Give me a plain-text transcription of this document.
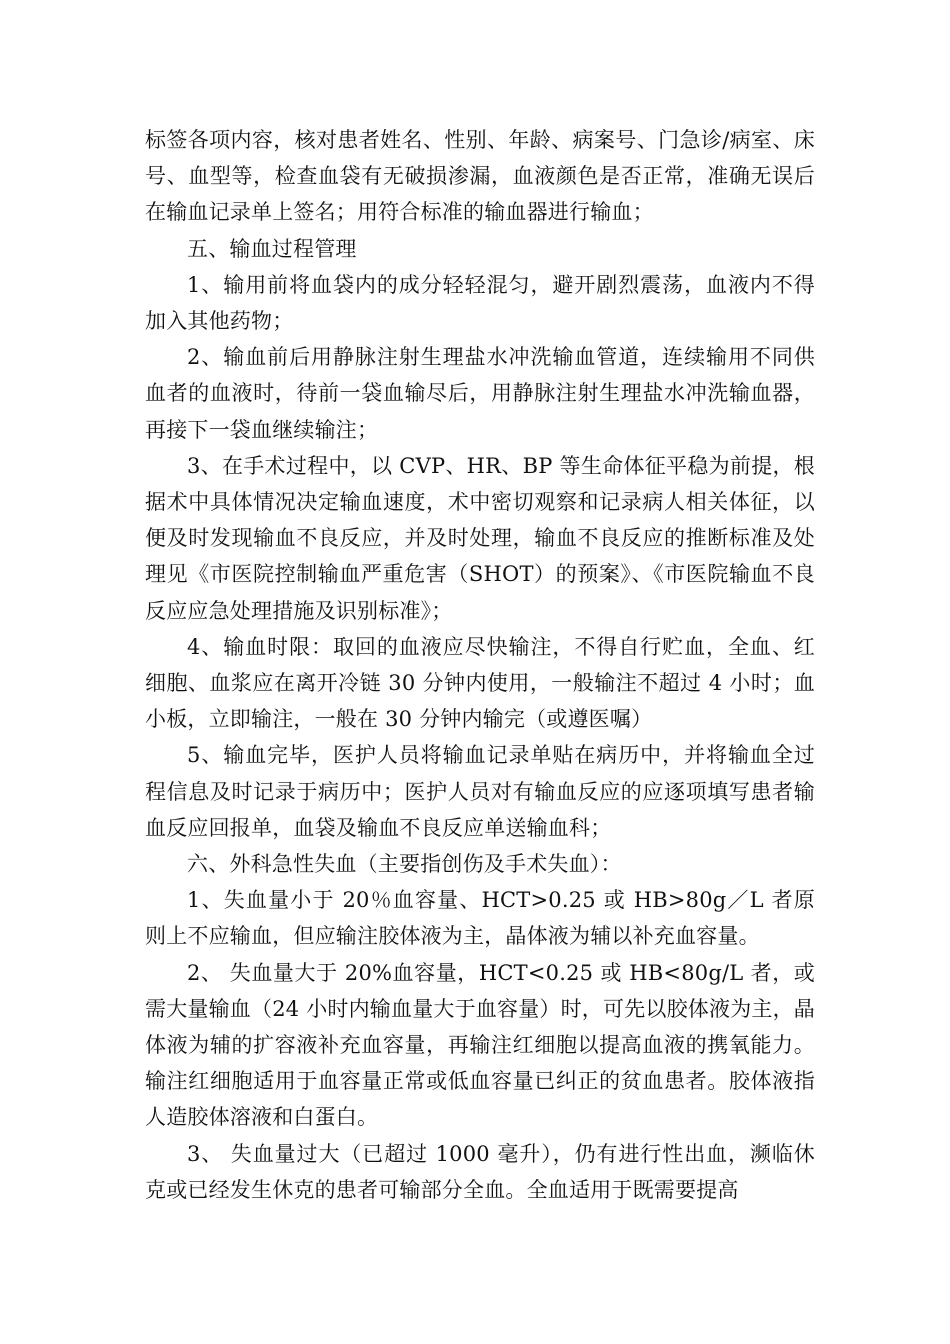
标签各项内容，核对患者姓名、性别、年龄、病案号、门急诊/病室、床号、血型等，检查血袋有无破损渗漏，血液颜色是否正常，准确无误后在输血记录单上签名；用符合标准的输血器进行输血；

五、输血过程管理

1、输用前将血袋内的成分轻轻混匀，避开剧烈震荡，血液内不得加入其他药物；

2、输血前后用静脉注射生理盐水冲洗输血管道，连续输用不同供血者的血液时，待前一袋血输尽后，用静脉注射生理盐水冲洗输血器，再接下一袋血继续输注；

3、在手术过程中，以 CVP、HR、BP 等生命体征平稳为前提，根据术中具体情况决定输血速度，术中密切观察和记录病人相关体征，以便及时发现输血不良反应，并及时处理，输血不良反应的推断标准及处理见《市医院控制输血严重危害（SHOT）的预案》、《市医院输血不良反应应急处理措施及识别标准》；

4、输血时限：取回的血液应尽快输注，不得自行贮血，全血、红细胞、血浆应在离开冷链 30 分钟内使用，一般输注不超过 4 小时；血小板，立即输注，一般在 30 分钟内输完（或遵医嘱）

5、输血完毕，医护人员将输血记录单贴在病历中，并将输血全过程信息及时记录于病历中；医护人员对有输血反应的应逐项填写患者输血反应回报单，血袋及输血不良反应单送输血科；

六、外科急性失血（主要指创伤及手术失血）：

1、失血量小于 20％血容量、HCT>0.25 或 HB>80g／L 者原则上不应输血，但应输注胶体液为主，晶体液为辅以补充血容量。

2、 失血量大于 20%血容量，HCT<0.25 或 HB<80g/L 者，或需大量输血（24 小时内输血量大于血容量）时，可先以胶体液为主，晶体液为辅的扩容液补充血容量，再输注红细胞以提高血液的携氧能力。输注红细胞适用于血容量正常或低血容量已纠正的贫血患者。胶体液指人造胶体溶液和白蛋白。

3、 失血量过大（已超过 1000 毫升），仍有进行性出血，濒临休克或已经发生休克的患者可输部分全血。全血适用于既需要提高
